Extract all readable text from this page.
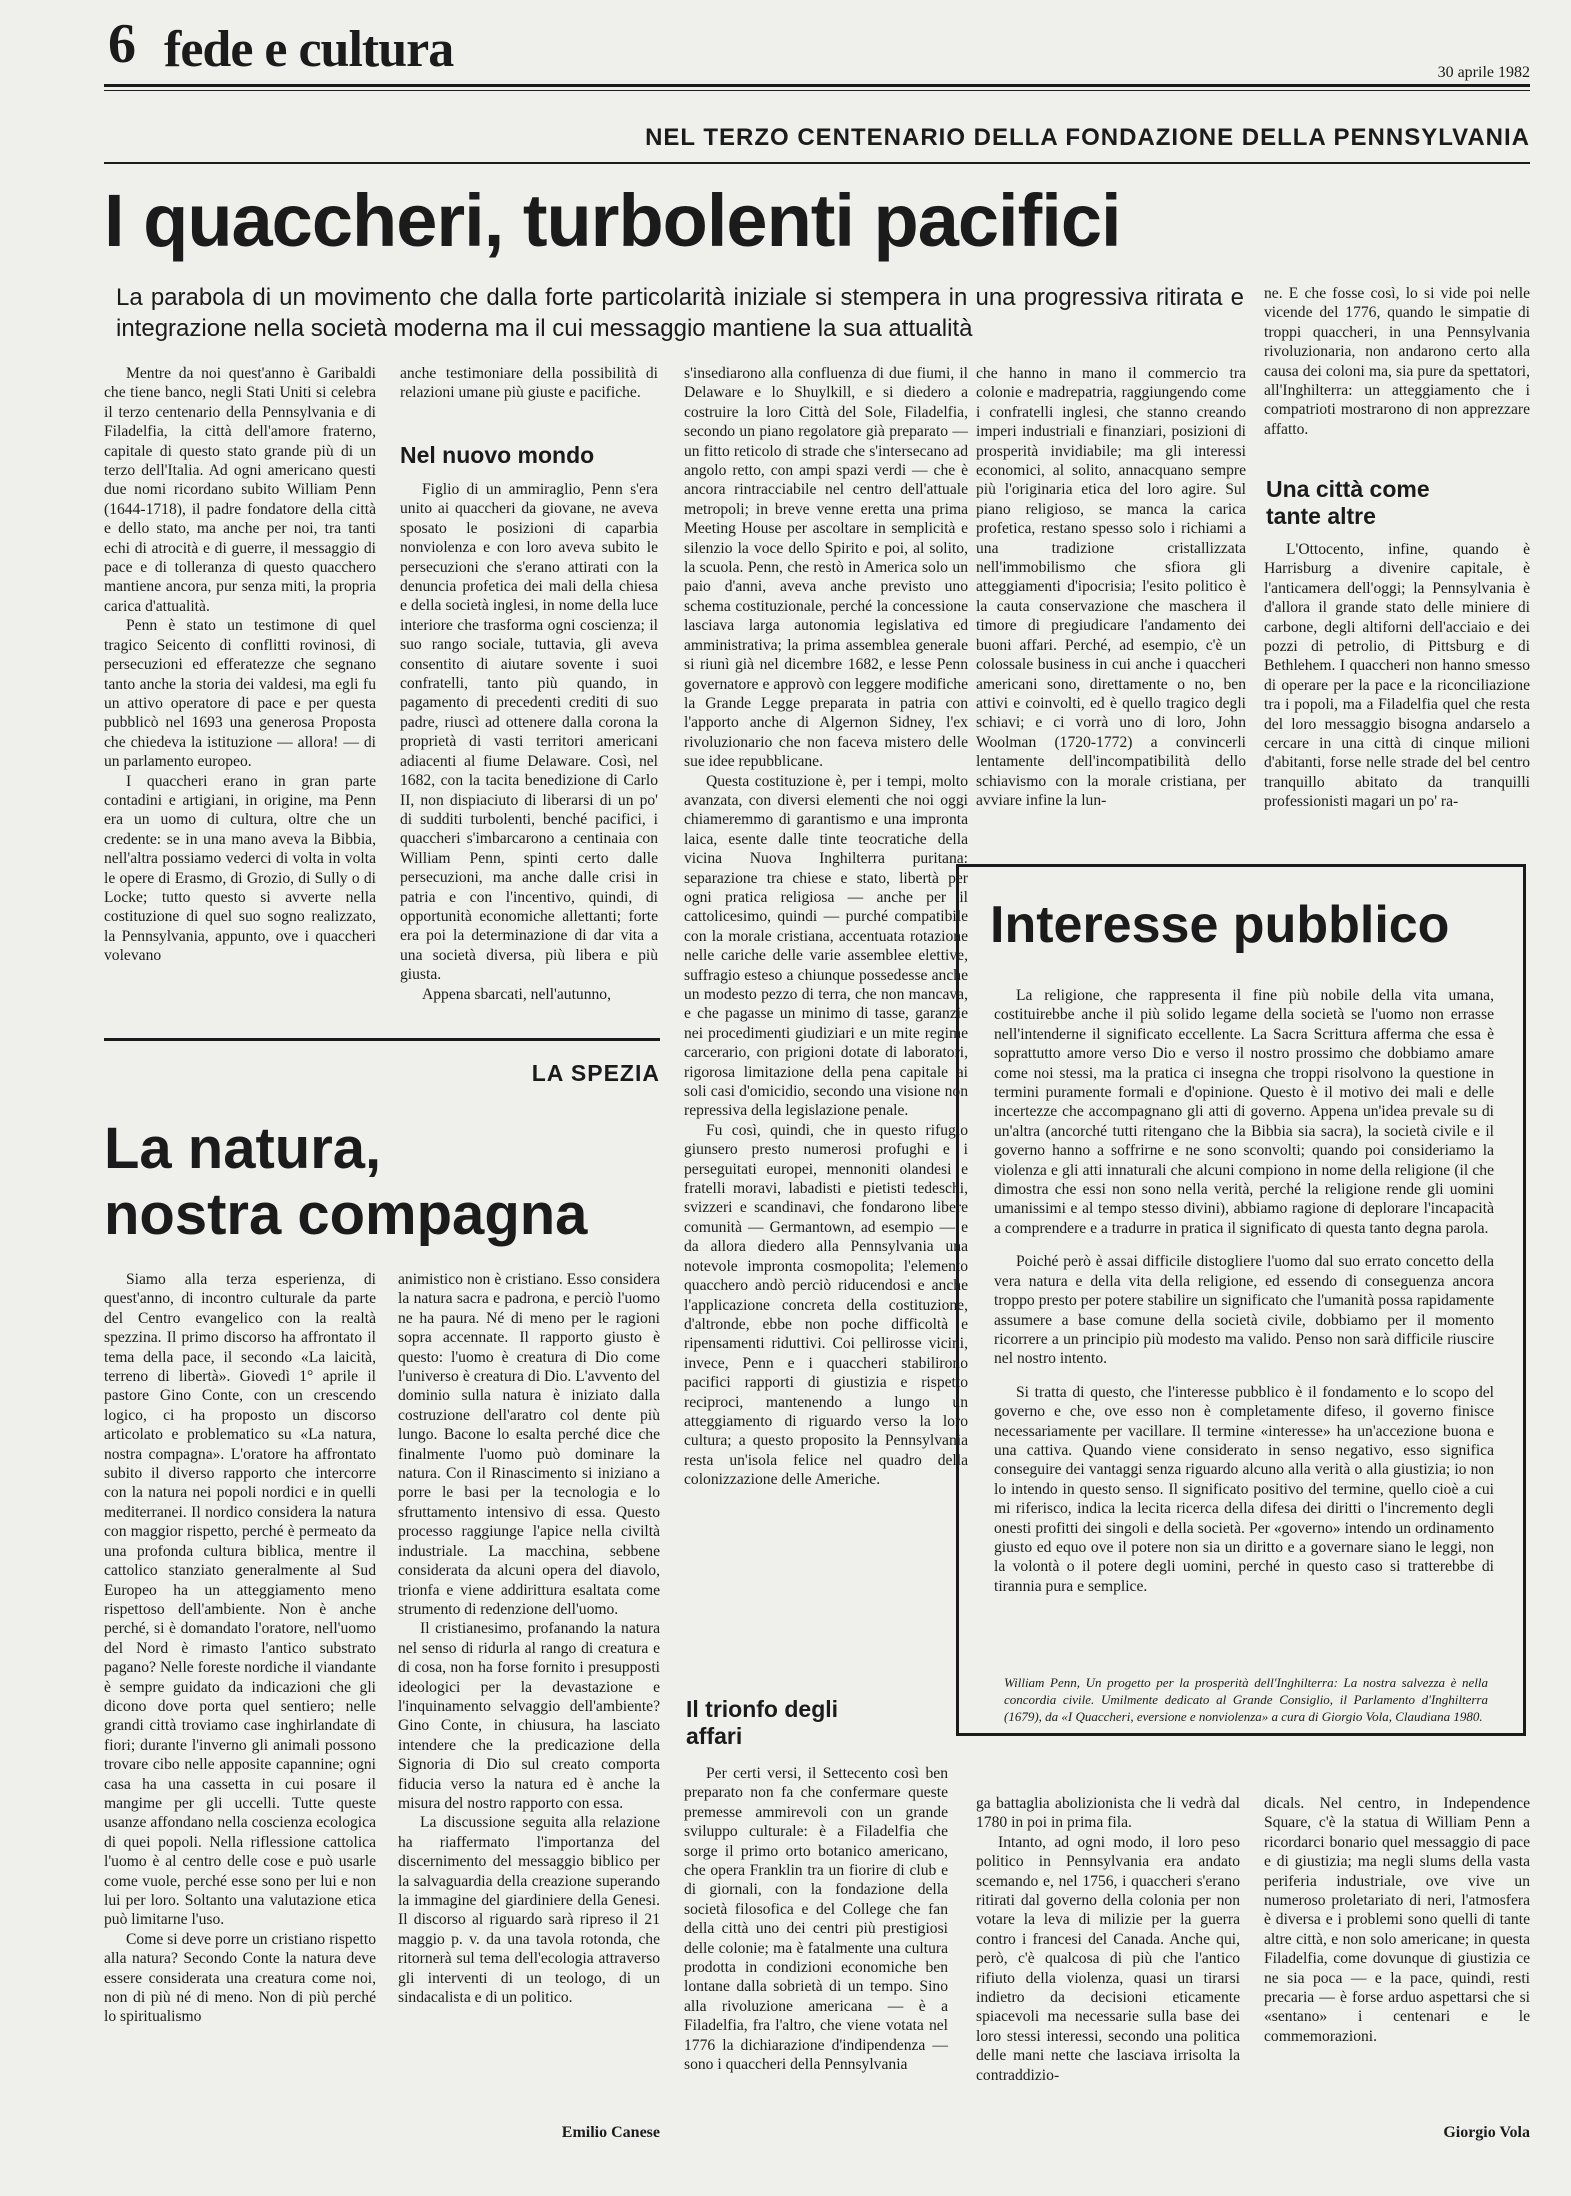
6 fede e cultura	30 aprile 1982
NEL TERZO CENTENARIO DELLA FONDAZIONE DELLA PENNSYLVANIA
I quaccheri, turbolenti pacifici
La parabola di un movimento che dalla forte particolarità iniziale si stempera in una progressiva ritirata e integrazione nella società moderna ma il cui messaggio mantiene la sua attualità

Mentre da noi quest'anno è Garibaldi che tiene banco, negli Stati Uniti si celebra il terzo centenario della Pennsylvania e di Filadelfia, la città dell'amore fraterno, capitale di questo stato grande più di un terzo dell'Italia. Ad ogni americano questi due nomi ricordano subito William Penn (1644-1718), il padre fondatore della città e dello stato, ma anche per noi, tra tanti echi di atrocità e di guerre, il messaggio di pace e di tolleranza di questo quacchero mantiene ancora, pur senza miti, la propria carica d'attualità.

Penn è stato un testimone di quel tragico Seicento di conflitti rovinosi, di persecuzioni ed efferatezze che segnano tanto anche la storia dei valdesi, ma egli fu un attivo operatore di pace e per questa pubblicò nel 1693 una generosa Proposta che chiedeva la istituzione — allora! — di un parlamento europeo.

I quaccheri erano in gran parte contadini e artigiani, in origine, ma Penn era un uomo di cultura, oltre che un credente: se in una mano aveva la Bibbia, nell'altra possiamo vederci di volta in volta le opere di Erasmo, di Grozio, di Sully o di Locke; tutto questo si avverte nella costituzione di quel suo sogno realizzato, la Pennsylvania, appunto, ove i quaccheri volevano

anche testimoniare della possibilità di relazioni umane più giuste e pacifiche.

Nel nuovo mondo

Figlio di un ammiraglio, Penn s'era unito ai quaccheri da giovane, ne aveva sposato le posizioni di caparbia nonviolenza e con loro aveva subito le persecuzioni che s'erano attirati con la denuncia profetica dei mali della chiesa e della società inglesi, in nome della luce interiore che trasforma ogni coscienza; il suo rango sociale, tuttavia, gli aveva consentito di aiutare sovente i suoi confratelli, tanto più quando, in pagamento di precedenti crediti di suo padre, riuscì ad ottenere dalla corona la proprietà di vasti territori americani adiacenti al fiume Delaware. Così, nel 1682, con la tacita benedizione di Carlo II, non dispiaciuto di liberarsi di un po' di sudditi turbolenti, benché pacifici, i quaccheri s'imbarcarono a centinaia con William Penn, spinti certo dalle persecuzioni, ma anche dalle crisi in patria e con l'incentivo, quindi, di opportunità economiche allettanti; forte era poi la determinazione di dar vita a una società diversa, più libera e più giusta.

Appena sbarcati, nell'autunno,

s'insediarono alla confluenza di due fiumi, il Delaware e lo Shuylkill, e si diedero a costruire la loro Città del Sole, Filadelfia, secondo un piano regolatore già preparato — un fitto reticolo di strade che s'intersecano ad angolo retto, con ampi spazi verdi — che è ancora rintracciabile nel centro dell'attuale metropoli; in breve venne eretta una prima Meeting House per ascoltare in semplicità e silenzio la voce dello Spirito e poi, al solito, la scuola. Penn, che restò in America solo un paio d'anni, aveva anche previsto uno schema costituzionale, perché la concessione lasciava larga autonomia legislativa ed amministrativa; la prima assemblea generale si riunì già nel dicembre 1682, e lesse Penn governatore e approvò con leggere modifiche la Grande Legge preparata in patria con l'apporto anche di Algernon Sidney, l'ex rivoluzionario che non faceva mistero delle sue idee repubblicane.

Questa costituzione è, per i tempi, molto avanzata, con diversi elementi che noi oggi chiameremmo di garantismo e una impronta laica, esente dalle tinte teocratiche della vicina Nuova Inghilterra puritana: separazione tra chiese e stato, libertà per ogni pratica religiosa — anche per il cattolicesimo, quindi — purché compatibile con la morale cristiana, accentuata rotazione nelle cariche delle varie assemblee elettive, suffragio esteso a chiunque possedesse anche un modesto pezzo di terra, che non mancava, e che pagasse un minimo di tasse, garanzie nei procedimenti giudiziari e un mite regime carcerario, con prigioni dotate di laboratori, rigorosa limitazione della pena capitale ai soli casi d'omicidio, secondo una visione non repressiva della legislazione penale.

Fu così, quindi, che in questo rifugio giunsero presto numerosi profughi e i perseguitati europei, mennoniti olandesi e fratelli moravi, labadisti e pietisti tedeschi, svizzeri e scandinavi, che fondarono libere comunità — Germantown, ad esempio — e da allora diedero alla Pennsylvania una notevole impronta cosmopolita; l'elemento quacchero andò perciò riducendosi e anche l'applicazione concreta della costituzione, d'altronde, ebbe non poche difficoltà e ripensamenti riduttivi. Coi pellirosse vicini, invece, Penn e i quaccheri stabilirono pacifici rapporti di giustizia e rispetto reciproci, mantenendo a lungo un atteggiamento di riguardo verso la loro cultura; a questo proposito la Pennsylvania resta un'isola felice nel quadro della colonizzazione delle Americhe.

Il trionfo degli affari

Per certi versi, il Settecento così ben preparato non fa che confermare queste premesse ammirevoli con un grande sviluppo culturale: è a Filadelfia che sorge il primo orto botanico americano, che opera Franklin tra un fiorire di club e di giornali, con la fondazione della società filosofica e del College che fan della città uno dei centri più prestigiosi delle colonie; ma è fatalmente una cultura prodotta in condizioni economiche ben lontane dalla sobrietà di un tempo. Sino alla rivoluzione americana — è a Filadelfia, fra l'altro, che viene votata nel 1776 la dichiarazione d'indipendenza — sono i quaccheri della Pennsylvania

che hanno in mano il commercio tra colonie e madrepatria, raggiungendo come i confratelli inglesi, che stanno creando imperi industriali e finanziari, posizioni di prosperità invidiabile; ma gli interessi economici, al solito, annacquano sempre più l'originaria etica del loro agire. Sul piano religioso, se manca la carica profetica, restano spesso solo i richiami a una tradizione cristallizzata nell'immobilismo che sfiora gli atteggiamenti d'ipocrisia; l'esito politico è la cauta conservazione che maschera il timore di pregiudicare l'andamento dei buoni affari. Perché, ad esempio, c'è un colossale business in cui anche i quaccheri americani sono, direttamente o no, ben attivi e coinvolti, ed è quello tragico degli schiavi; e ci vorrà uno di loro, John Woolman (1720-1772) a convincerli lentamente dell'incompatibilità dello schiavismo con la morale cristiana, per avviare infine la lun-

ga battaglia abolizionista che li vedrà dal 1780 in poi in prima fila.

Intanto, ad ogni modo, il loro peso politico in Pennsylvania era andato scemando e, nel 1756, i quaccheri s'erano ritirati dal governo della colonia per non votare la leva di milizie per la guerra contro i francesi del Canada. Anche qui, però, c'è qualcosa di più che l'antico rifiuto della violenza, quasi un tirarsi indietro da decisioni eticamente spiacevoli ma necessarie sulla base dei loro stessi interessi, secondo una politica delle mani nette che lasciava irrisolta la contraddizio-

ne. E che fosse così, lo si vide poi nelle vicende del 1776, quando le simpatie di troppi quaccheri, in una Pennsylvania rivoluzionaria, non andarono certo alla causa dei coloni ma, sia pure da spettatori, all'Inghilterra: un atteggiamento che i compatrioti mostrarono di non apprezzare affatto.

Una città come tante altre

L'Ottocento, infine, quando è Harrisburg a divenire capitale, è l'anticamera dell'oggi; la Pennsylvania è d'allora il grande stato delle miniere di carbone, degli altiforni dell'acciaio e dei pozzi di petrolio, di Pittsburg e di Bethlehem. I quaccheri non hanno smesso di operare per la pace e la riconciliazione tra i popoli, ma a Filadelfia quel che resta del loro messaggio bisogna andarselo a cercare in una città di cinque milioni d'abitanti, forse nelle strade del bel centro tranquillo abitato da tranquilli professionisti magari un po' ra-

dicals. Nel centro, in Independence Square, c'è la statua di William Penn a ricordarci bonario quel messaggio di pace e di giustizia; ma negli slums della vasta periferia industriale, ove vive un numeroso proletariato di neri, l'atmosfera è diversa e i problemi sono quelli di tante altre città, e non solo americane; in questa Filadelfia, come dovunque di giustizia ce ne sia poca — e la pace, quindi, resti precaria — è forse arduo aspettarsi che si «sentano» i centenari e le commemorazioni.

Giorgio Vola
LA SPEZIA
La natura,
nostra compagna

Siamo alla terza esperienza, di quest'anno, di incontro culturale da parte del Centro evangelico con la realtà spezzina. Il primo discorso ha affrontato il tema della pace, il secondo «La laicità, terreno di libertà». Giovedì 1° aprile il pastore Gino Conte, con un crescendo logico, ci ha proposto un discorso articolato e problematico su «La natura, nostra compagna». L'oratore ha affrontato subito il diverso rapporto che intercorre con la natura nei popoli nordici e in quelli mediterranei. Il nordico considera la natura con maggior rispetto, perché è permeato da una profonda cultura biblica, mentre il cattolico stanziato generalmente al Sud Europeo ha un atteggiamento meno rispettoso dell'ambiente. Non è anche perché, si è domandato l'oratore, nell'uomo del Nord è rimasto l'antico substrato pagano? Nelle foreste nordiche il viandante è sempre guidato da indicazioni che gli dicono dove porta quel sentiero; nelle grandi città troviamo case inghirlandate di fiori; durante l'inverno gli animali possono trovare cibo nelle apposite capannine; ogni casa ha una cassetta in cui posare il mangime per gli uccelli. Tutte queste usanze affondano nella coscienza ecologica di quei popoli. Nella riflessione cattolica l'uomo è al centro delle cose e può usarle come vuole, perché esse sono per lui e non lui per loro. Soltanto una valutazione etica può limitarne l'uso.

Come si deve porre un cristiano rispetto alla natura? Secondo Conte la natura deve essere considerata una creatura come noi, non di più né di meno. Non di più perché lo spiritualismo

animistico non è cristiano. Esso considera la natura sacra e padrona, e perciò l'uomo ne ha paura. Né di meno per le ragioni sopra accennate. Il rapporto giusto è questo: l'uomo è creatura di Dio come l'universo è creatura di Dio. L'avvento del dominio sulla natura è iniziato dalla costruzione dell'aratro col dente più lungo. Bacone lo esalta perché dice che finalmente l'uomo può dominare la natura. Con il Rinascimento si iniziano a porre le basi per la tecnologia e lo sfruttamento intensivo di essa. Questo processo raggiunge l'apice nella civiltà industriale. La macchina, sebbene considerata da alcuni opera del diavolo, trionfa e viene addirittura esaltata come strumento di redenzione dell'uomo.

Il cristianesimo, profanando la natura nel senso di ridurla al rango di creatura e di cosa, non ha forse fornito i presupposti ideologici per la devastazione e l'inquinamento selvaggio dell'ambiente? Gino Conte, in chiusura, ha lasciato intendere che la predicazione della Signoria di Dio sul creato comporta fiducia verso la natura ed è anche la misura del nostro rapporto con essa.

La discussione seguita alla relazione ha riaffermato l'importanza del discernimento del messaggio biblico per la salvaguardia della creazione superando la immagine del giardiniere della Genesi. Il discorso al riguardo sarà ripreso il 21 maggio p. v. da una tavola rotonda, che ritornerà sul tema dell'ecologia attraverso gli interventi di un teologo, di un sindacalista e di un politico.

Emilio Canese
Interesse pubblico

La religione, che rappresenta il fine più nobile della vita umana, costituirebbe anche il più solido legame della società se l'uomo non errasse nell'intenderne il significato eccellente. La Sacra Scrittura afferma che essa è soprattutto amore verso Dio e verso il nostro prossimo che dobbiamo amare come noi stessi, ma la pratica ci insegna che troppi risolvono la questione in termini puramente formali e d'opinione. Questo è il motivo dei mali e delle incertezze che accompagnano gli atti di governo. Appena un'idea prevale su di un'altra (ancorché tutti ritengano che la Bibbia sia sacra), la società civile e il governo hanno a soffrirne e ne sono sconvolti; quando poi consideriamo la violenza e gli atti innaturali che alcuni compiono in nome della religione (il che dimostra che essi non sono nella verità, perché la religione rende gli uomini umanissimi e al tempo stesso divini), abbiamo ragione di deplorare l'incapacità a comprendere e a tradurre in pratica il significato di questa tanto degna parola.

Poiché però è assai difficile distogliere l'uomo dal suo errato concetto della vera natura e della vita della religione, ed essendo di conseguenza ancora troppo presto per potere stabilire un significato che l'umanità possa rapidamente assumere a base comune della società civile, dobbiamo per il momento ricorrere a un principio più modesto ma valido. Penso non sarà difficile riuscire nel nostro intento.

Si tratta di questo, che l'interesse pubblico è il fondamento e lo scopo del governo e che, ove esso non è completamente difeso, il governo finisce necessariamente per vacillare. Il termine «interesse» ha un'accezione buona e una cattiva. Quando viene considerato in senso negativo, esso significa conseguire dei vantaggi senza riguardo alcuno alla verità o alla giustizia; io non lo intendo in questo senso. Il significato positivo del termine, quello cioè a cui mi riferisco, indica la lecita ricerca della difesa dei diritti o l'incremento degli onesti profitti dei singoli e della società. Per «governo» intendo un ordinamento giusto ed equo ove il potere non sia un diritto e a governare siano le leggi, non la volontà o il potere degli uomini, perché in questo caso si tratterebbe di tirannia pura e semplice.

William Penn, Un progetto per la prosperità dell'Inghilterra: La nostra salvezza è nella concordia civile. Umilmente dedicato al Grande Consiglio, il Parlamento d'Inghilterra (1679), da «I Quaccheri, eversione e nonviolenza» a cura di Giorgio Vola, Claudiana 1980.
